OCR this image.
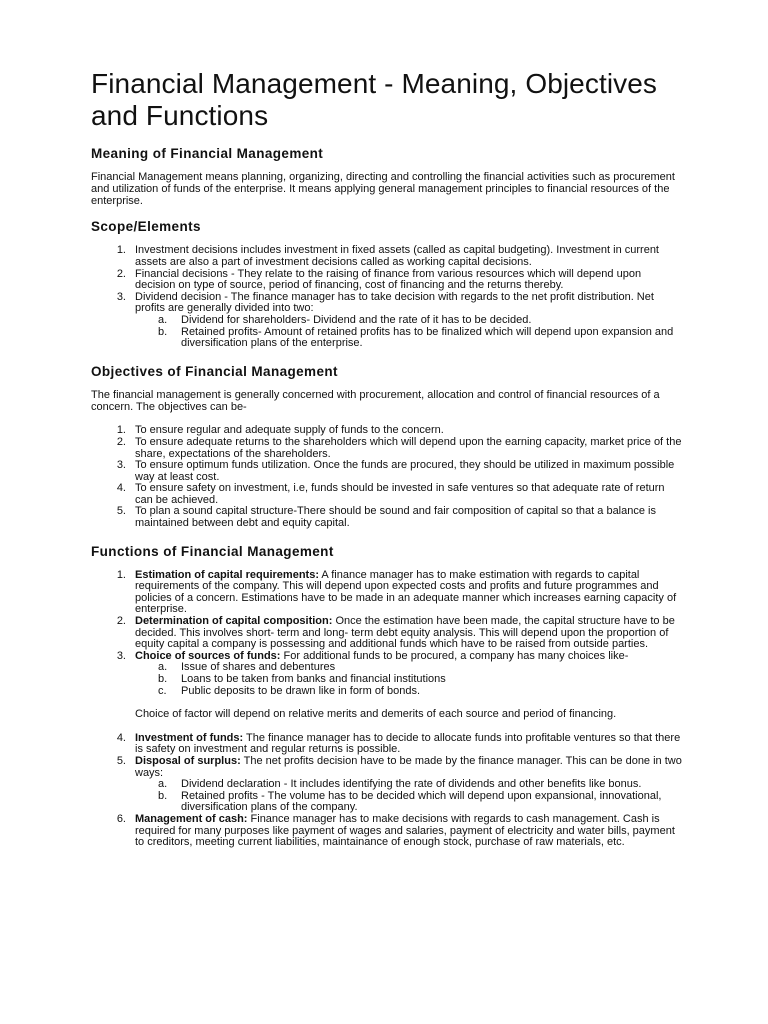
Financial Management - Meaning, Objectives and Functions
Meaning of Financial Management
Financial Management means planning, organizing, directing and controlling the financial activities such as procurement and utilization of funds of the enterprise. It means applying general management principles to financial resources of the enterprise.
Scope/Elements
1. Investment decisions includes investment in fixed assets (called as capital budgeting). Investment in current assets are also a part of investment decisions called as working capital decisions.
2. Financial decisions - They relate to the raising of finance from various resources which will depend upon decision on type of source, period of financing, cost of financing and the returns thereby.
3. Dividend decision - The finance manager has to take decision with regards to the net profit distribution. Net profits are generally divided into two:
a. Dividend for shareholders- Dividend and the rate of it has to be decided.
b. Retained profits- Amount of retained profits has to be finalized which will depend upon expansion and diversification plans of the enterprise.
Objectives of Financial Management
The financial management is generally concerned with procurement, allocation and control of financial resources of a concern. The objectives can be-
1. To ensure regular and adequate supply of funds to the concern.
2. To ensure adequate returns to the shareholders which will depend upon the earning capacity, market price of the share, expectations of the shareholders.
3. To ensure optimum funds utilization. Once the funds are procured, they should be utilized in maximum possible way at least cost.
4. To ensure safety on investment, i.e, funds should be invested in safe ventures so that adequate rate of return can be achieved.
5. To plan a sound capital structure-There should be sound and fair composition of capital so that a balance is maintained between debt and equity capital.
Functions of Financial Management
1. Estimation of capital requirements: A finance manager has to make estimation with regards to capital requirements of the company. This will depend upon expected costs and profits and future programmes and policies of a concern. Estimations have to be made in an adequate manner which increases earning capacity of enterprise.
2. Determination of capital composition: Once the estimation have been made, the capital structure have to be decided. This involves short- term and long- term debt equity analysis. This will depend upon the proportion of equity capital a company is possessing and additional funds which have to be raised from outside parties.
3. Choice of sources of funds: For additional funds to be procured, a company has many choices like-
a. Issue of shares and debentures
b. Loans to be taken from banks and financial institutions
c. Public deposits to be drawn like in form of bonds.
Choice of factor will depend on relative merits and demerits of each source and period of financing.
4. Investment of funds: The finance manager has to decide to allocate funds into profitable ventures so that there is safety on investment and regular returns is possible.
5. Disposal of surplus: The net profits decision have to be made by the finance manager. This can be done in two ways:
a. Dividend declaration - It includes identifying the rate of dividends and other benefits like bonus.
b. Retained profits - The volume has to be decided which will depend upon expansional, innovational, diversification plans of the company.
6. Management of cash: Finance manager has to make decisions with regards to cash management. Cash is required for many purposes like payment of wages and salaries, payment of electricity and water bills, payment to creditors, meeting current liabilities, maintainance of enough stock, purchase of raw materials, etc.
